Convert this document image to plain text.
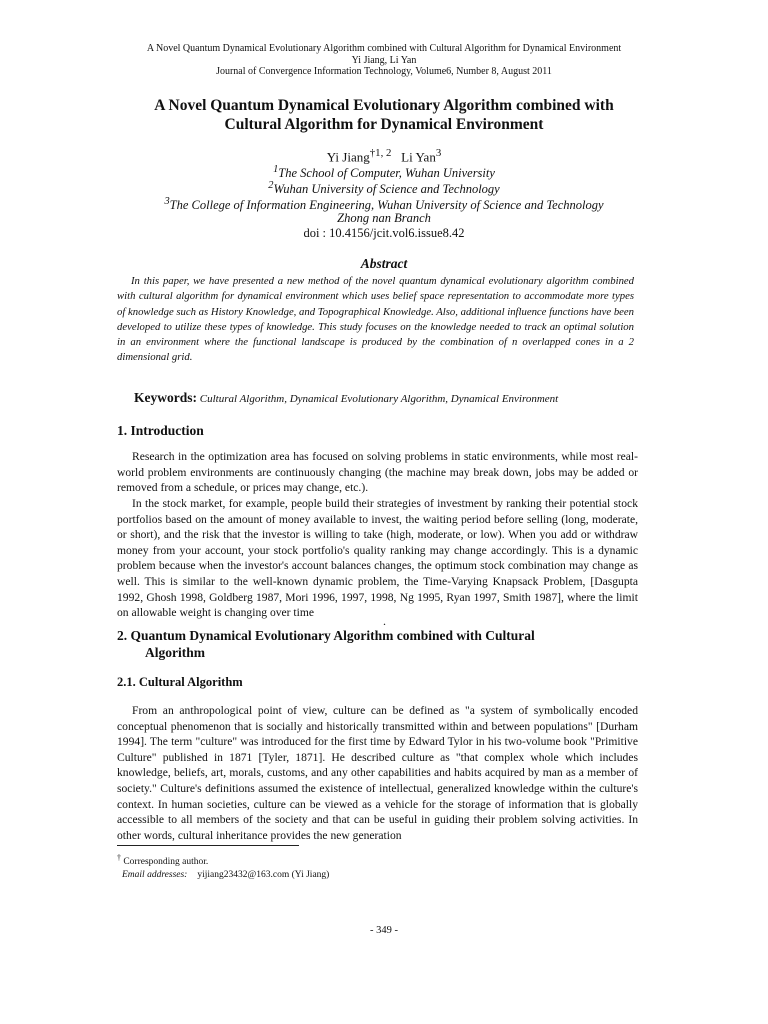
A Novel Quantum Dynamical Evolutionary Algorithm combined with Cultural Algorithm for Dynamical Environment
Yi Jiang, Li Yan
Journal of Convergence Information Technology, Volume6, Number 8, August 2011
A Novel Quantum Dynamical Evolutionary Algorithm combined with
Cultural Algorithm for Dynamical Environment
Yi Jiang$^{\dagger 1, 2}$ Li Yan$^3$
$^1$The School of Computer, Wuhan University
$^2$Wuhan University of Science and Technology
$^3$The College of Information Engineering, Wuhan University of Science and Technology
Zhong nan Branch
doi : 10.4156/jcit.vol6.issue8.42
Abstract

In this paper, we have presented a new method of the novel quantum dynamical evolutionary algorithm combined with cultural algorithm for dynamical environment which uses belief space representation to accommodate more types of knowledge such as History Knowledge, and Topographical Knowledge. Also, additional influence functions have been developed to utilize these types of knowledge. This study focuses on the knowledge needed to track an optimal solution in an environment where the functional landscape is produced by the combination of n overlapped cones in a 2 dimensional grid.

Keywords: Cultural Algorithm, Dynamical Evolutionary Algorithm, Dynamical Environment
1. Introduction

Research in the optimization area has focused on solving problems in static environments, while most real-world problem environments are continuously changing (the machine may break down, jobs may be added or removed from a schedule, or prices may change, etc.).

In the stock market, for example, people build their strategies of investment by ranking their potential stock portfolios based on the amount of money available to invest, the waiting period before selling (long, moderate, or short), and the risk that the investor is willing to take (high, moderate, or low). When you add or withdraw money from your account, your stock portfolio's quality ranking may change accordingly. This is a dynamic problem because when the investor's account balances changes, the optimum stock combination may change as well. This is similar to the well-known dynamic problem, the Time-Varying Knapsack Problem, [Dasgupta 1992, Ghosh 1998, Goldberg 1987, Mori 1996, 1997, 1998, Ng 1995, Ryan 1997, Smith 1987], where the limit on allowable weight is changing over time

.
2. Quantum Dynamical Evolutionary Algorithm combined with Cultural
Algorithm
2.1. Cultural Algorithm

From an anthropological point of view, culture can be defined as "a system of symbolically encoded conceptual phenomenon that is socially and historically transmitted within and between populations" [Durham 1994]. The term "culture" was introduced for the first time by Edward Tylor in his two-volume book "Primitive Culture" published in 1871 [Tyler, 1871]. He described culture as "that complex whole which includes knowledge, beliefs, art, morals, customs, and any other capabilities and habits acquired by man as a member of society." Culture's definitions assumed the existence of intellectual, generalized knowledge within the culture's context. In human societies, culture can be viewed as a vehicle for the storage of information that is globally accessible to all members of the society and that can be useful in guiding their problem solving activities. In other words, cultural inheritance provides the new generation

† Corresponding author.
Email addresses: yijiang23432@163.com (Yi Jiang)
- 349 -
